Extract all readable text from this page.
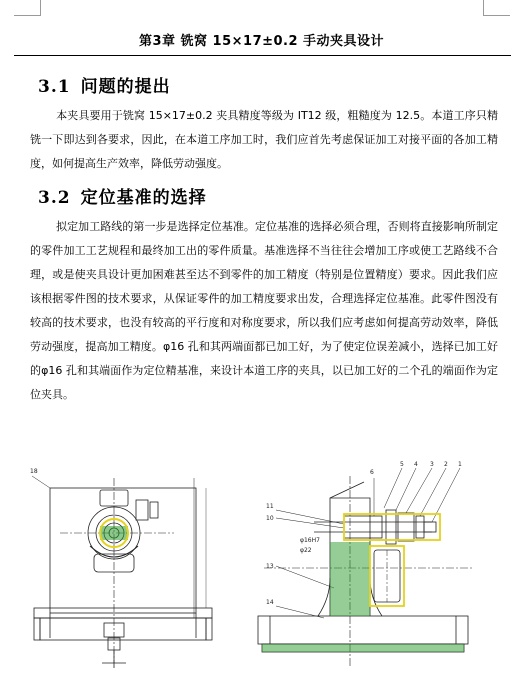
第3章 铣窝 15×17±0.2 手动夹具设计
3.1 问题的提出
本夹具要用于铣窝 15×17±0.2 夹具精度等级为 IT12 级，粗糙度为 12.5。本道工序只精铣一下即达到各要求，因此，在本道工序加工时，我们应首先考虑保证加工对接平面的各加工精度，如何提高生产效率，降低劳动强度。
3.2 定位基准的选择
拟定加工路线的第一步是选择定位基准。定位基准的选择必须合理，否则将直接影响所制定的零件加工工艺规程和最终加工出的零件质量。基准选择不当往往会增加工序或使工艺路线不合理，或是使夹具设计更加困难甚至达不到零件的加工精度（特别是位置精度）要求。因此我们应该根据零件图的技术要求，从保证零件的加工精度要求出发，合理选择定位基准。此零件图没有较高的技术要求，也没有较高的平行度和对称度要求，所以我们应考虑如何提高劳动效率，降低劳动强度，提高加工精度。φ16 孔和其两端面都已加工好，为了使定位误差减小，选择已加工好的φ16 孔和其端面作为定位精基准，来设计本道工序的夹具，以已加工好的二个孔的端面作为定位夹具。
18	6
5 4 3 2 1
11
10
13
14
φ16H7
φ22
